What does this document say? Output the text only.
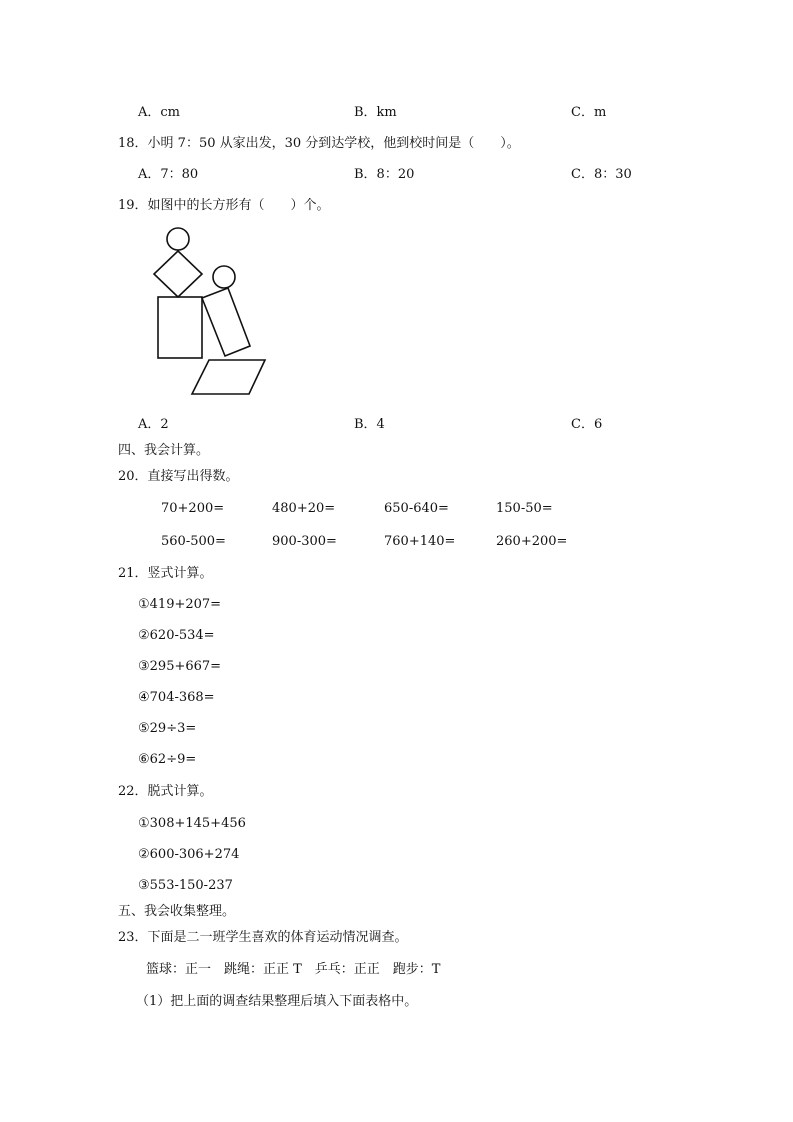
A．cm	B．km	C．m
18．小明 7：50 从家出发，30 分到达学校，他到校时间是（　　）。
A．7：80	B．8：20	C．8：30
19．如图中的长方形有（　　）个。
A．2	B．4	C．6
四、我会计算。
20．直接写出得数。
70+200=	480+20=	650-640=	150-50=
560-500=	900-300=	760+140=	260+200=
21．竖式计算。
①419+207=
②620-534=
③295+667=
④704-368=
⑤29÷3=
⑥62÷9=
22．脱式计算。
①308+145+456
②600-306+274
③553-150-237
五、我会收集整理。
23．下面是二一班学生喜欢的体育运动情况调查。
篮球：正一　跳绳：正正 T　乒乓：正正　跑步：T
（1）把上面的调查结果整理后填入下面表格中。
